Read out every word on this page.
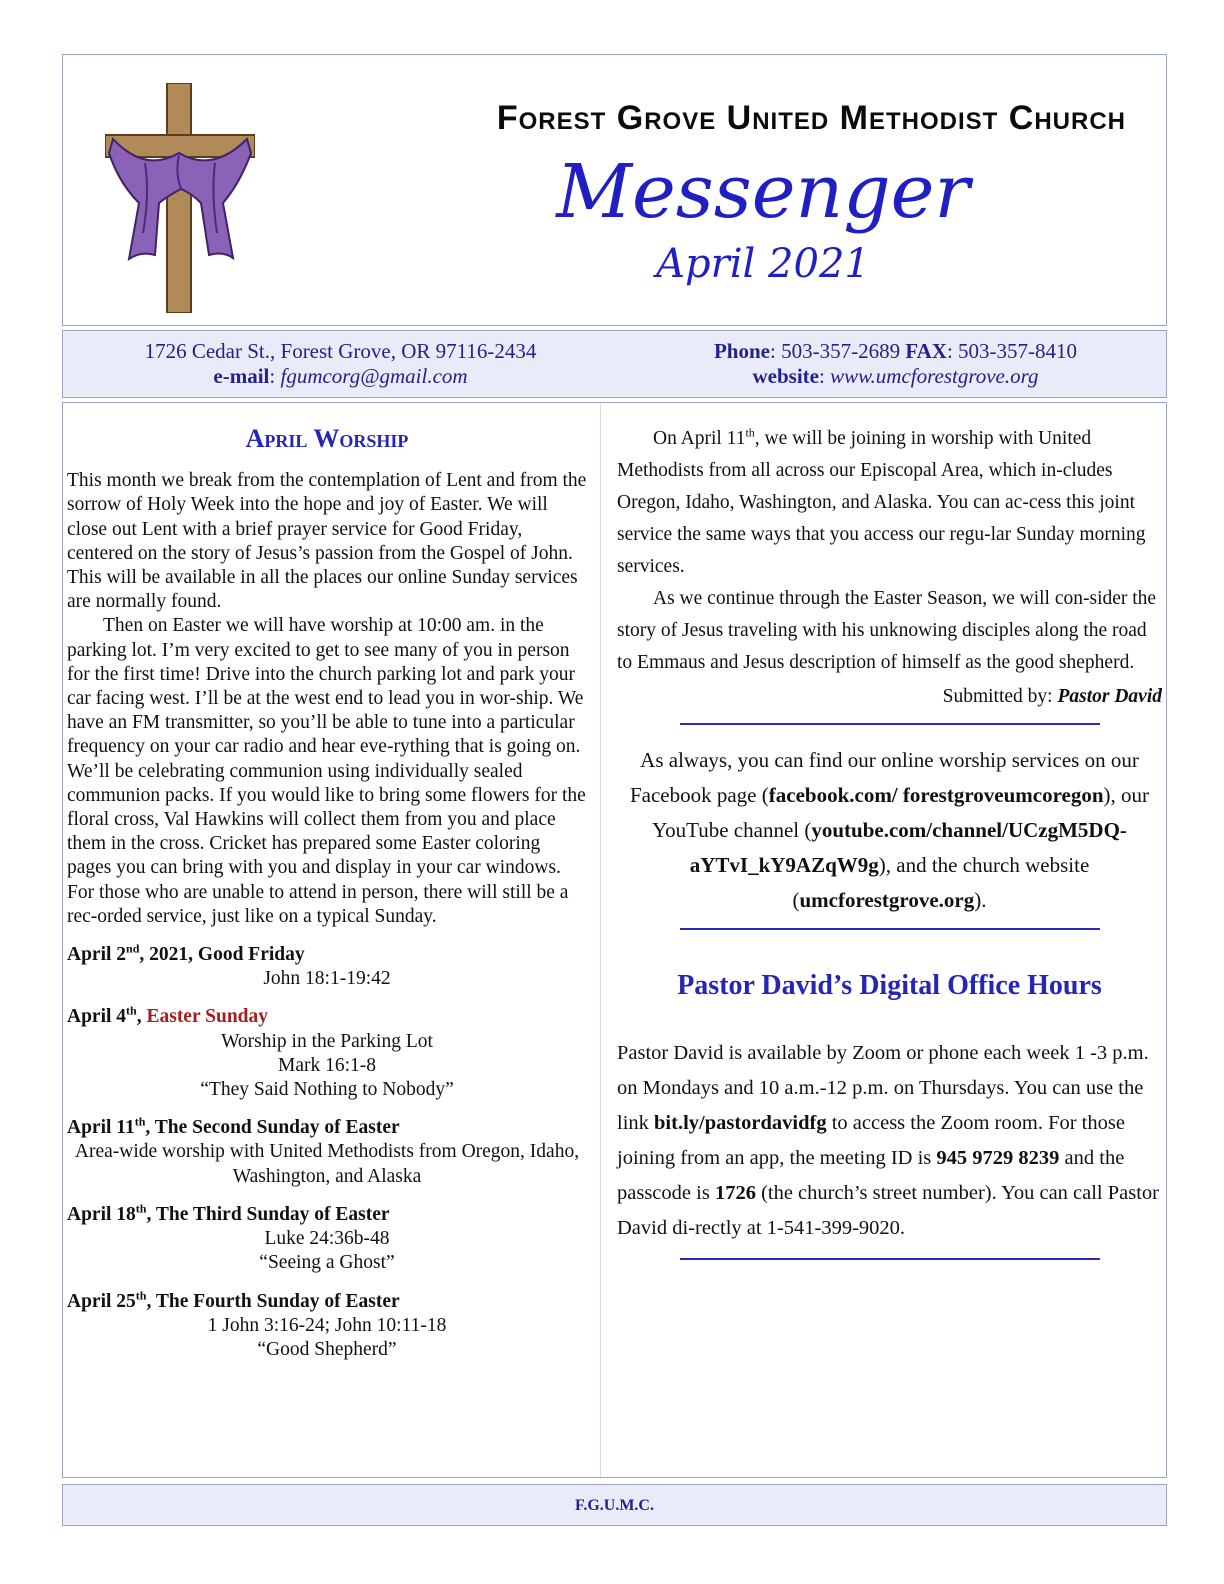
Forest Grove United Methodist Church
Messenger
April 2021
1726 Cedar St., Forest Grove, OR 97116-2434
e-mail: fgumcorg@gmail.com
Phone: 503-357-2689 FAX: 503-357-8410
website: www.umcforestgrove.org
April Worship

This month we break from the contemplation of Lent and from the sorrow of Holy Week into the hope and joy of Easter. We will close out Lent with a brief prayer service for Good Friday, centered on the story of Jesus’s passion from the Gospel of John. This will be available in all the places our online Sunday services are normally found.

Then on Easter we will have worship at 10:00 am. in the parking lot. I’m very excited to get to see many of you in person for the first time! Drive into the church parking lot and park your car facing west. I’ll be at the west end to lead you in wor-ship. We have an FM transmitter, so you’ll be able to tune into a particular frequency on your car radio and hear eve-rything that is going on. We’ll be celebrating communion using individually sealed communion packs. If you would like to bring some flowers for the floral cross, Val Hawkins will collect them from you and place them in the cross. Cricket has prepared some Easter coloring pages you can bring with you and display in your car windows. For those who are unable to attend in person, there will still be a rec-orded service, just like on a typical Sunday.

April 2nd, 2021, Good Friday
John 18:1-19:42
April 4th, Easter Sunday
Worship in the Parking Lot
Mark 16:1-8
“They Said Nothing to Nobody”
April 11th, The Second Sunday of Easter
Area-wide worship with United Methodists from Oregon, Idaho, Washington, and Alaska
April 18th, The Third Sunday of Easter
Luke 24:36b-48
“Seeing a Ghost”
April 25th, The Fourth Sunday of Easter
1 John 3:16-24; John 10:11-18
“Good Shepherd”

On April 11th, we will be joining in worship with United Methodists from all across our Episcopal Area, which in-cludes Oregon, Idaho, Washington, and Alaska. You can ac-cess this joint service the same ways that you access our regu-lar Sunday morning services.

As we continue through the Easter Season, we will con-sider the story of Jesus traveling with his unknowing disciples along the road to Emmaus and Jesus description of himself as the good shepherd.

Submitted by: Pastor David

As always, you can find our online worship services on our Facebook page (facebook.com/ forestgroveumcoregon), our YouTube channel (youtube.com/channel/UCzgM5DQ-aYTvI_kY9AZqW9g), and the church website (umcforestgrove.org).

Pastor David’s Digital Office Hours

Pastor David is available by Zoom or phone each week 1 -3 p.m. on Mondays and 10 a.m.-12 p.m. on Thursdays. You can use the link bit.ly/pastordavidfg to access the Zoom room. For those joining from an app, the meeting ID is 945 9729 8239 and the passcode is 1726 (the church’s street number). You can call Pastor David di-rectly at 1-541-399-9020.

F.G.U.M.C.
